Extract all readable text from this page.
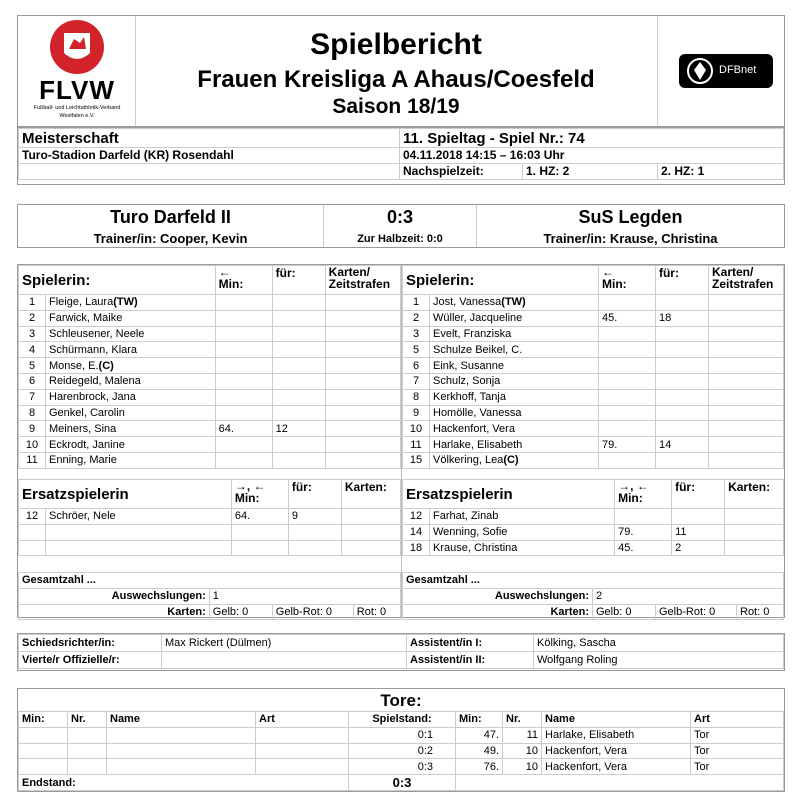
FLVW
Fußball- und Leichtathletik-Verband
Westfalen e.V.
Spielbericht
Frauen Kreisliga A Ahaus/Coesfeld
Saison 18/19
DFBnet
Meisterschaft	11. Spieltag - Spiel Nr.: 74		
Turo-Stadion Darfeld (KR) Rosendahl	04.11.2018 14:15 – 16:03 Uhr		
	Nachspielzeit:	1. HZ: 2	2. HZ: 1
Turo Darfeld II
Trainer/in: Cooper, Kevin
0:3
Zur Halbzeit: 0:0
SuS Legden
Trainer/in: Krause, Christina
Spielerin:		←
Min:	für:	Karten/
Zeitstrafen
1	Fleige, Laura(TW)			
2	Farwick, Maike			
3	Schleusener, Neele			
4	Schürmann, Klara			
5	Monse, E.(C)			
6	Reidegeld, Malena			
7	Harenbrock, Jana			
8	Genkel, Carolin			
9	Meiners, Sina	64.	12	
10	Eckrodt, Janine			
11	Enning, Marie			
Spielerin:		←
Min:	für:	Karten/
Zeitstrafen
1	Jost, Vanessa(TW)			
2	Wüller, Jacqueline	45.	18	
3	Evelt, Franziska			
5	Schulze Beikel, C.			
6	Eink, Susanne			
7	Schulz, Sonja			
8	Kerkhoff, Tanja			
9	Homölle, Vanessa			
10	Hackenfort, Vera			
11	Harlake, Elisabeth	79.	14	
15	Völkering, Lea(C)			
Ersatzspielerin		→, ←
Min:	für:	Karten:
12	Schröer, Nele	64.	9	

Ersatzspielerin		→, ←
Min:	für:	Karten:
12	Farhat, Zinab			
14	Wenning, Sofie	79.	11	
18	Krause, Christina	45.	2	
Gesamtzahl ...			
Auswechslungen:	1		
Karten:	Gelb: 0	Gelb-Rot: 0	Rot: 0
Gesamtzahl ...			
Auswechslungen:	2		
Karten:	Gelb: 0	Gelb-Rot: 0	Rot: 0
Schiedsrichter/in:	Max Rickert (Dülmen)	Assistent/in I:	Kölking, Sascha
Vierte/r Offizielle/r:		Assistent/in II:	Wolfgang Roling
Tore:
Min:	Nr.	Name	Art	Spielstand:	Min:	Nr.	Name	Art
				0:1	47.	11	Harlake, Elisabeth	Tor
				0:2	49.	10	Hackenfort, Vera	Tor
				0:3	76.	10	Hackenfort, Vera	Tor
Endstand:				0:3				
